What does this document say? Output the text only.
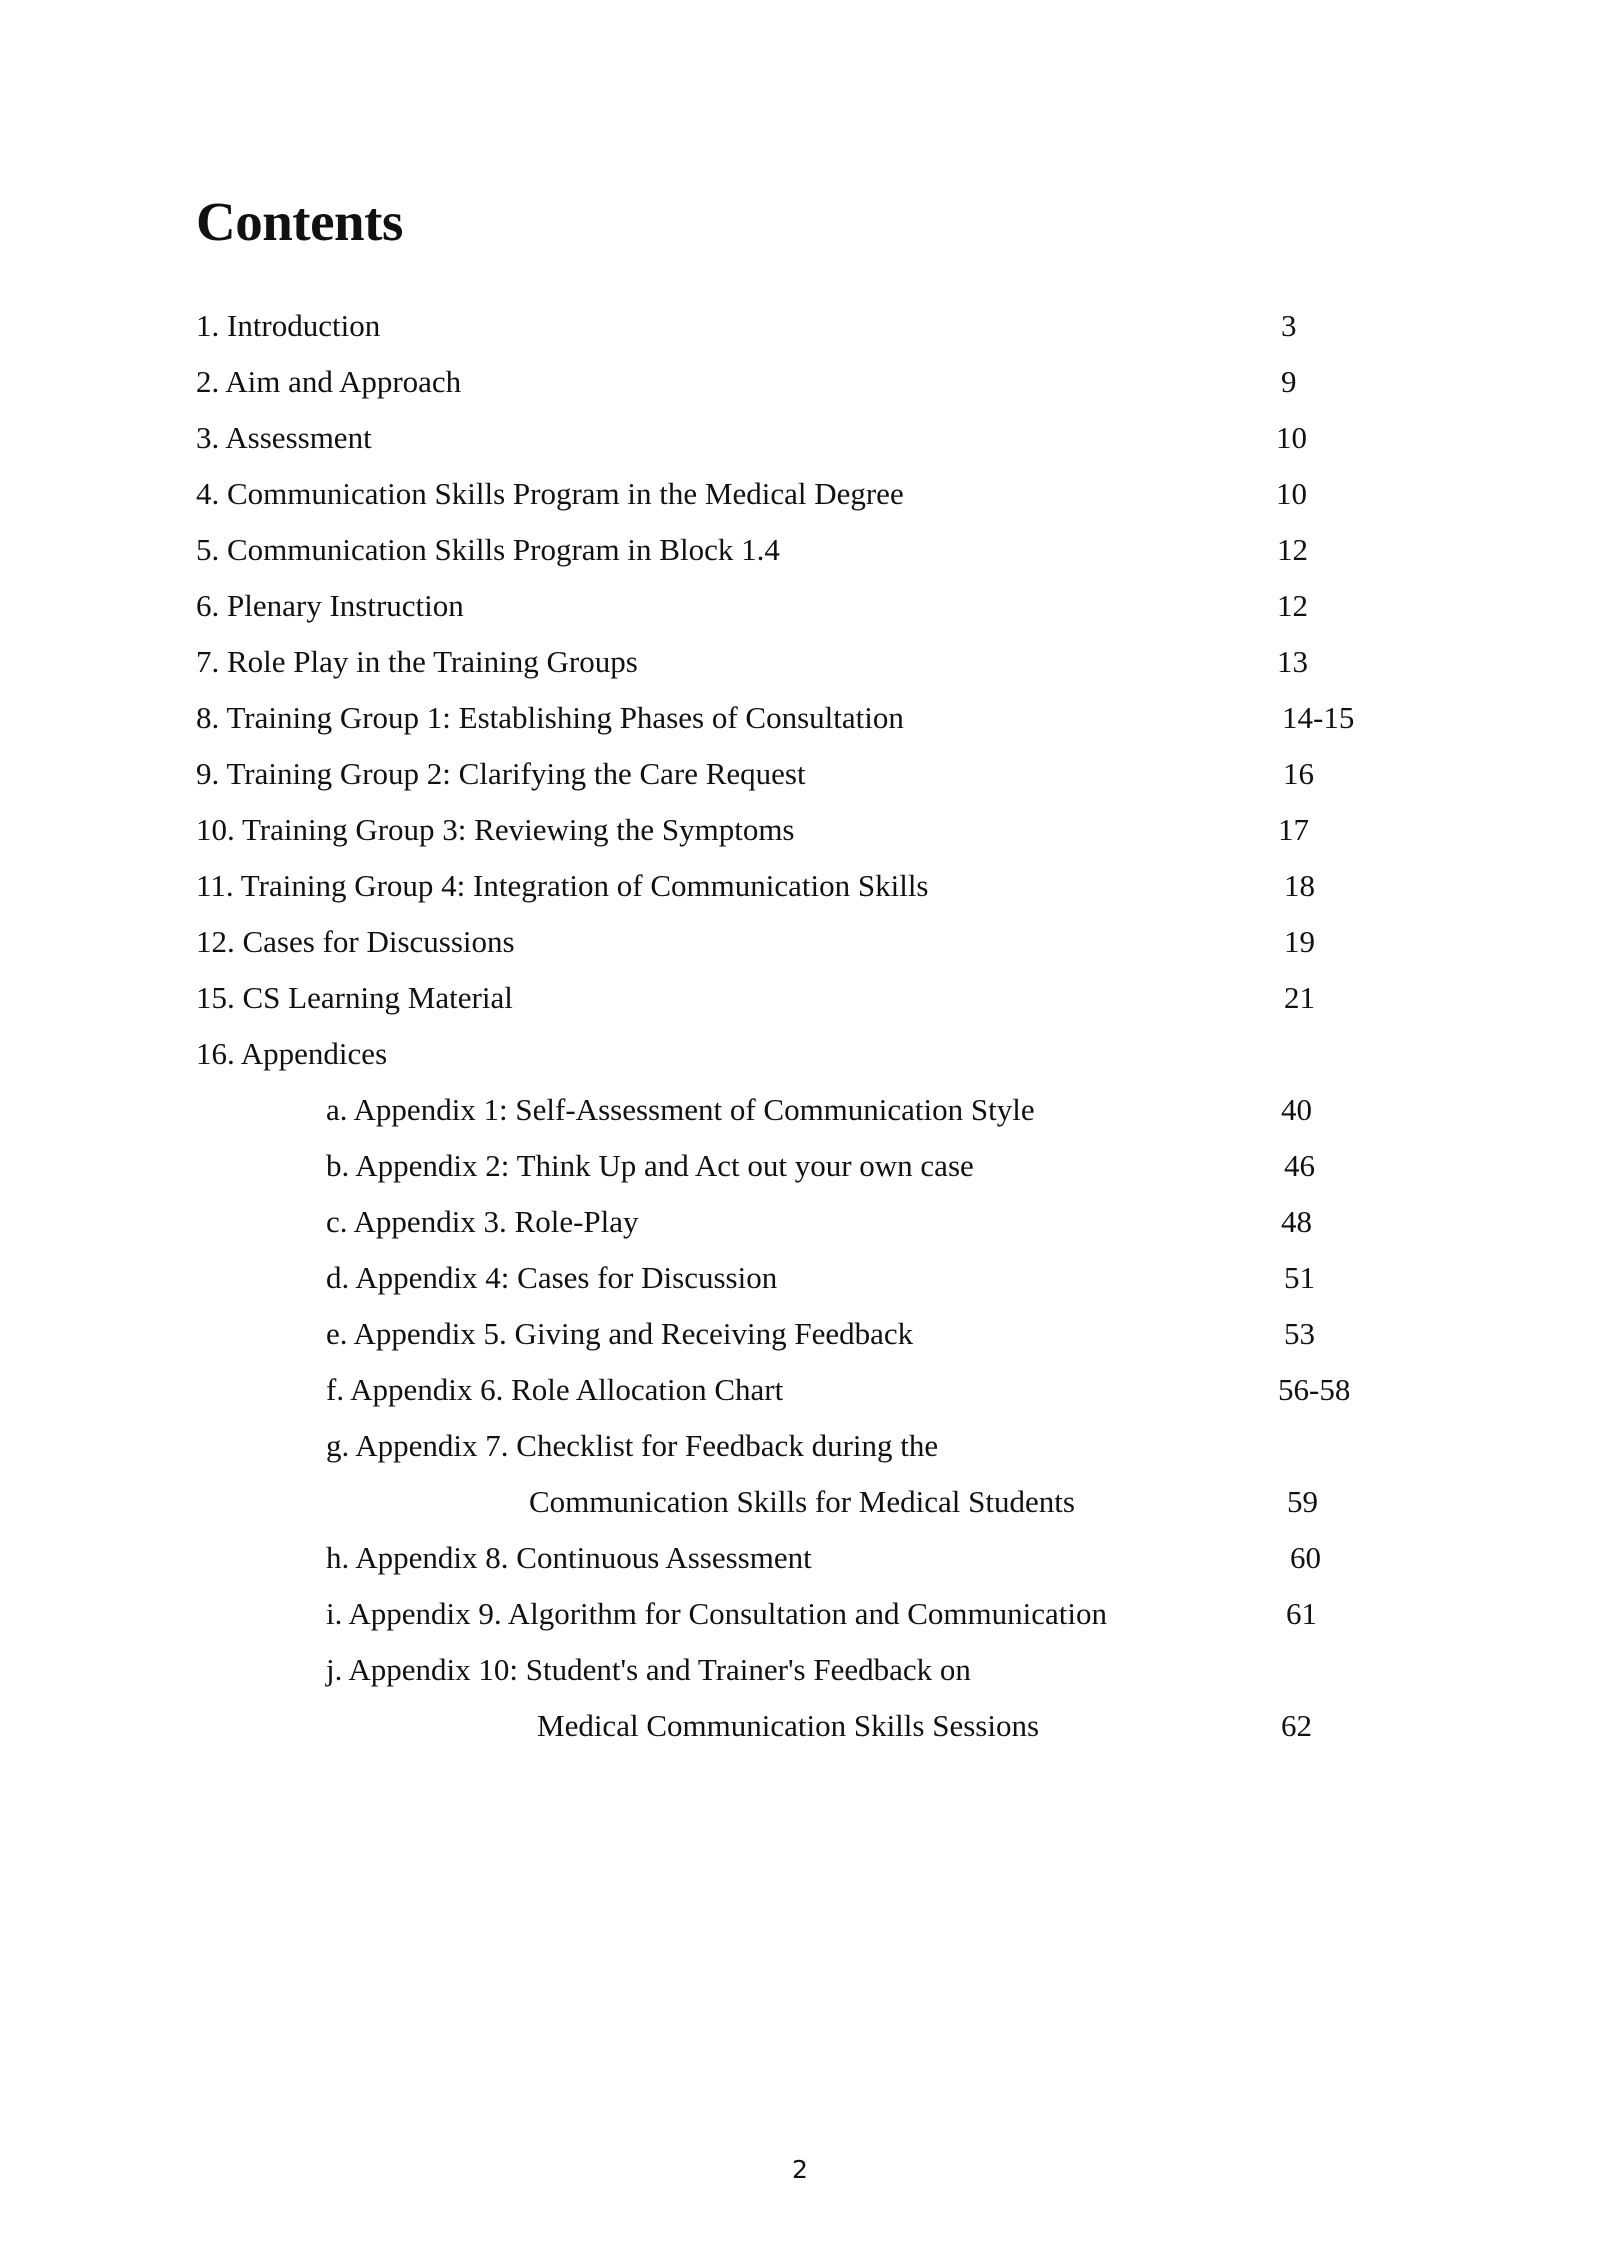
Contents
1. Introduction	3
2. Aim and Approach	9
3. Assessment	10
4. Communication Skills Program in the Medical Degree	10
5. Communication Skills Program in Block 1.4	12
6. Plenary Instruction	12
7. Role Play in the Training Groups	13
8. Training Group 1: Establishing Phases of Consultation	14-15
9. Training Group 2: Clarifying the Care Request	16
10. Training Group 3: Reviewing the Symptoms	17
11. Training Group 4: Integration of Communication Skills	18
12. Cases for Discussions	19
15. CS Learning Material	21
16. Appendices
a. Appendix 1: Self-Assessment of Communication Style	40
b. Appendix 2: Think Up and Act out your own case	46
c. Appendix 3. Role-Play	48
d. Appendix 4: Cases for Discussion	51
e. Appendix 5. Giving and Receiving Feedback	53
f. Appendix 6. Role Allocation Chart	56-58
g. Appendix 7. Checklist for Feedback during the
Communication Skills for Medical Students	59
h. Appendix 8. Continuous Assessment	60
i. Appendix 9. Algorithm for Consultation and Communication	61
j. Appendix 10: Student's and Trainer's Feedback on
Medical Communication Skills Sessions	62
2
